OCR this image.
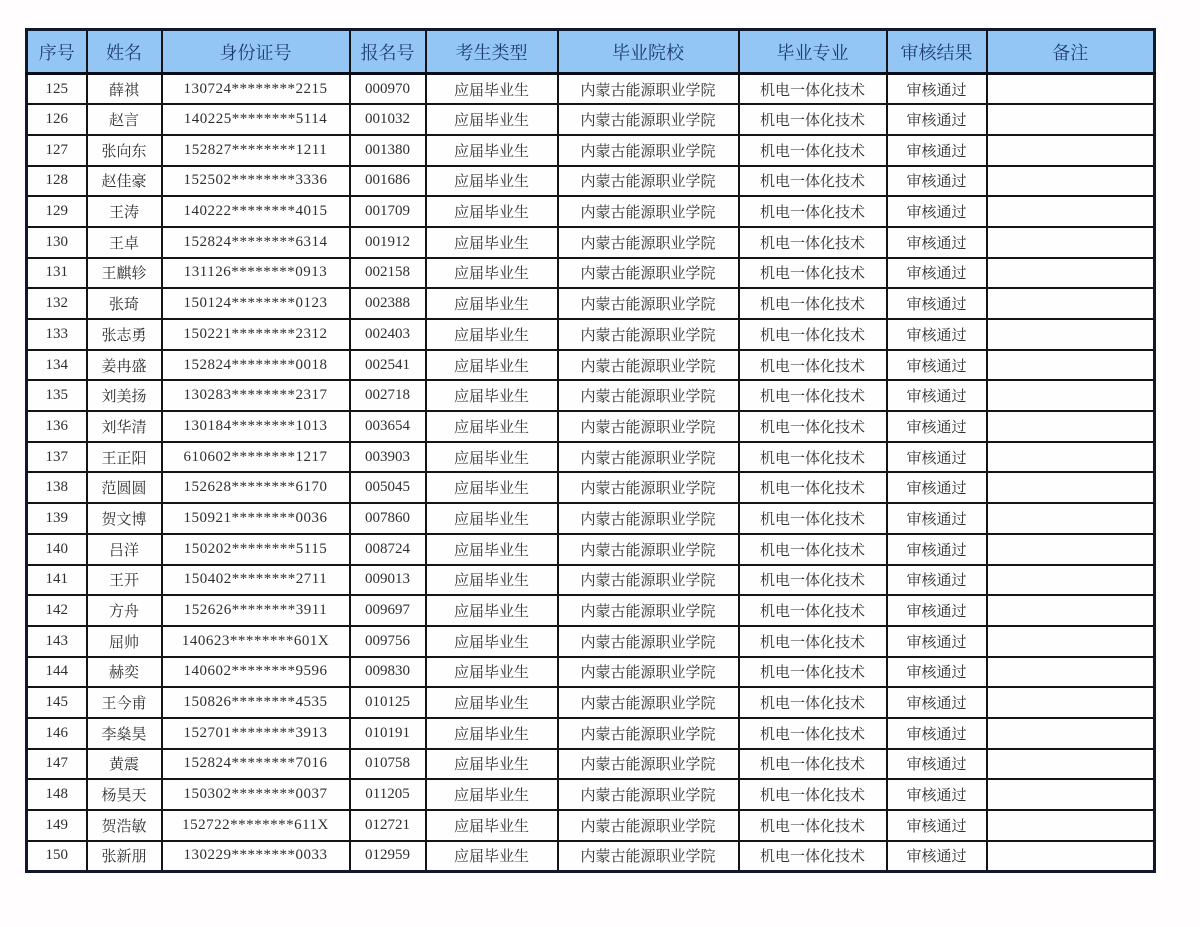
序号	姓名	身份证号	报名号	考生类型	毕业院校	毕业专业	审核结果	备注
125	薛祺	130724********2215	000970	应届毕业生	内蒙古能源职业学院	机电一体化技术	审核通过	
126	赵言	140225********5114	001032	应届毕业生	内蒙古能源职业学院	机电一体化技术	审核通过	
127	张向东	152827********1211	001380	应届毕业生	内蒙古能源职业学院	机电一体化技术	审核通过	
128	赵佳豪	152502********3336	001686	应届毕业生	内蒙古能源职业学院	机电一体化技术	审核通过	
129	王涛	140222********4015	001709	应届毕业生	内蒙古能源职业学院	机电一体化技术	审核通过	
130	王卓	152824********6314	001912	应届毕业生	内蒙古能源职业学院	机电一体化技术	审核通过	
131	王麒轸	131126********0913	002158	应届毕业生	内蒙古能源职业学院	机电一体化技术	审核通过	
132	张琦	150124********0123	002388	应届毕业生	内蒙古能源职业学院	机电一体化技术	审核通过	
133	张志勇	150221********2312	002403	应届毕业生	内蒙古能源职业学院	机电一体化技术	审核通过	
134	姜冉盛	152824********0018	002541	应届毕业生	内蒙古能源职业学院	机电一体化技术	审核通过	
135	刘美扬	130283********2317	002718	应届毕业生	内蒙古能源职业学院	机电一体化技术	审核通过	
136	刘华清	130184********1013	003654	应届毕业生	内蒙古能源职业学院	机电一体化技术	审核通过	
137	王正阳	610602********1217	003903	应届毕业生	内蒙古能源职业学院	机电一体化技术	审核通过	
138	范圆圆	152628********6170	005045	应届毕业生	内蒙古能源职业学院	机电一体化技术	审核通过	
139	贺文博	150921********0036	007860	应届毕业生	内蒙古能源职业学院	机电一体化技术	审核通过	
140	吕洋	150202********5115	008724	应届毕业生	内蒙古能源职业学院	机电一体化技术	审核通过	
141	王开	150402********2711	009013	应届毕业生	内蒙古能源职业学院	机电一体化技术	审核通过	
142	方舟	152626********3911	009697	应届毕业生	内蒙古能源职业学院	机电一体化技术	审核通过	
143	屈帅	140623********601X	009756	应届毕业生	内蒙古能源职业学院	机电一体化技术	审核通过	
144	赫奕	140602********9596	009830	应届毕业生	内蒙古能源职业学院	机电一体化技术	审核通过	
145	王今甫	150826********4535	010125	应届毕业生	内蒙古能源职业学院	机电一体化技术	审核通过	
146	李燊昊	152701********3913	010191	应届毕业生	内蒙古能源职业学院	机电一体化技术	审核通过	
147	黄震	152824********7016	010758	应届毕业生	内蒙古能源职业学院	机电一体化技术	审核通过	
148	杨昊天	150302********0037	011205	应届毕业生	内蒙古能源职业学院	机电一体化技术	审核通过	
149	贺浩敏	152722********611X	012721	应届毕业生	内蒙古能源职业学院	机电一体化技术	审核通过	
150	张新朋	130229********0033	012959	应届毕业生	内蒙古能源职业学院	机电一体化技术	审核通过	
